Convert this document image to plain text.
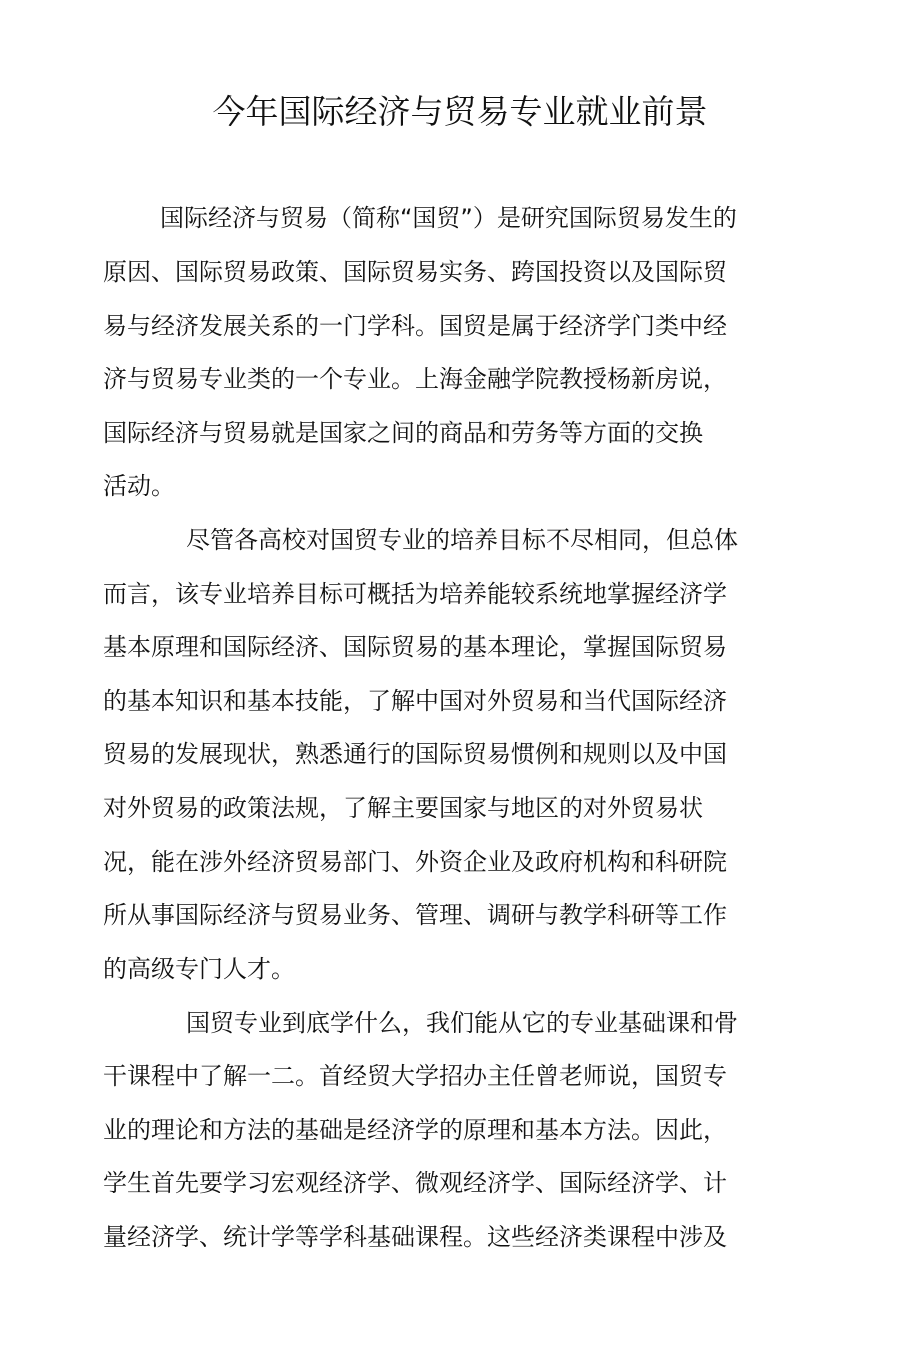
今年国际经济与贸易专业就业前景
国际经济与贸易（简称“国贸”）是研究国际贸易发生的
原因、国际贸易政策、国际贸易实务、跨国投资以及国际贸
易与经济发展关系的一门学科。国贸是属于经济学门类中经
济与贸易专业类的一个专业。上海金融学院教授杨新房说，
国际经济与贸易就是国家之间的商品和劳务等方面的交换
活动。
尽管各高校对国贸专业的培养目标不尽相同，但总体
而言，该专业培养目标可概括为培养能较系统地掌握经济学
基本原理和国际经济、国际贸易的基本理论，掌握国际贸易
的基本知识和基本技能，了解中国对外贸易和当代国际经济
贸易的发展现状，熟悉通行的国际贸易惯例和规则以及中国
对外贸易的政策法规，了解主要国家与地区的对外贸易状
况，能在涉外经济贸易部门、外资企业及政府机构和科研院
所从事国际经济与贸易业务、管理、调研与教学科研等工作
的高级专门人才。
国贸专业到底学什么，我们能从它的专业基础课和骨
干课程中了解一二。首经贸大学招办主任曾老师说，国贸专
业的理论和方法的基础是经济学的原理和基本方法。因此，
学生首先要学习宏观经济学、微观经济学、国际经济学、计
量经济学、统计学等学科基础课程。这些经济类课程中涉及
